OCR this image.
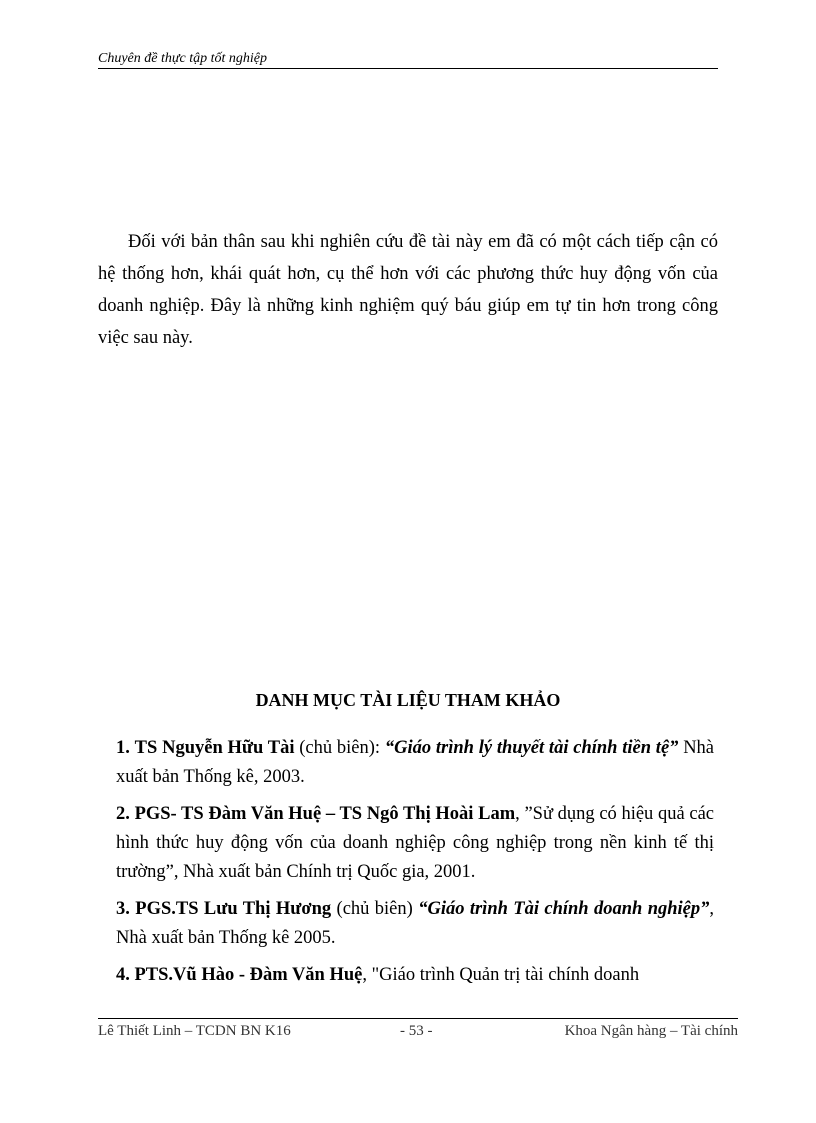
Chuyên đề thực tập tốt nghiệp

Đối với bản thân sau khi nghiên cứu đề tài này em đã có một cách tiếp cận có hệ thống hơn, khái quát hơn, cụ thể hơn với các phương thức huy động vốn của doanh nghiệp. Đây là những kinh nghiệm quý báu giúp em tự tin hơn trong công việc sau này.

DANH MỤC TÀI LIỆU THAM KHẢO

1. TS Nguyễn Hữu Tài (chủ biên): “Giáo trình lý thuyết tài chính tiền tệ” Nhà xuất bản Thống kê, 2003.

2. PGS- TS Đàm Văn Huệ – TS Ngô Thị Hoài Lam, ”Sử dụng có hiệu quả các hình thức huy động vốn của doanh nghiệp công nghiệp trong nền kinh tế thị trường”, Nhà xuất bản Chính trị Quốc gia, 2001.

3. PGS.TS Lưu Thị Hương (chủ biên) “Giáo trình Tài chính doanh nghiệp”, Nhà xuất bản Thống kê 2005.

4. PTS.Vũ Hào - Đàm Văn Huệ, "Giáo trình Quản trị tài chính doanh

Lê Thiết Linh – TCDN BN K16	- 53 -	Khoa Ngân hàng – Tài chính
